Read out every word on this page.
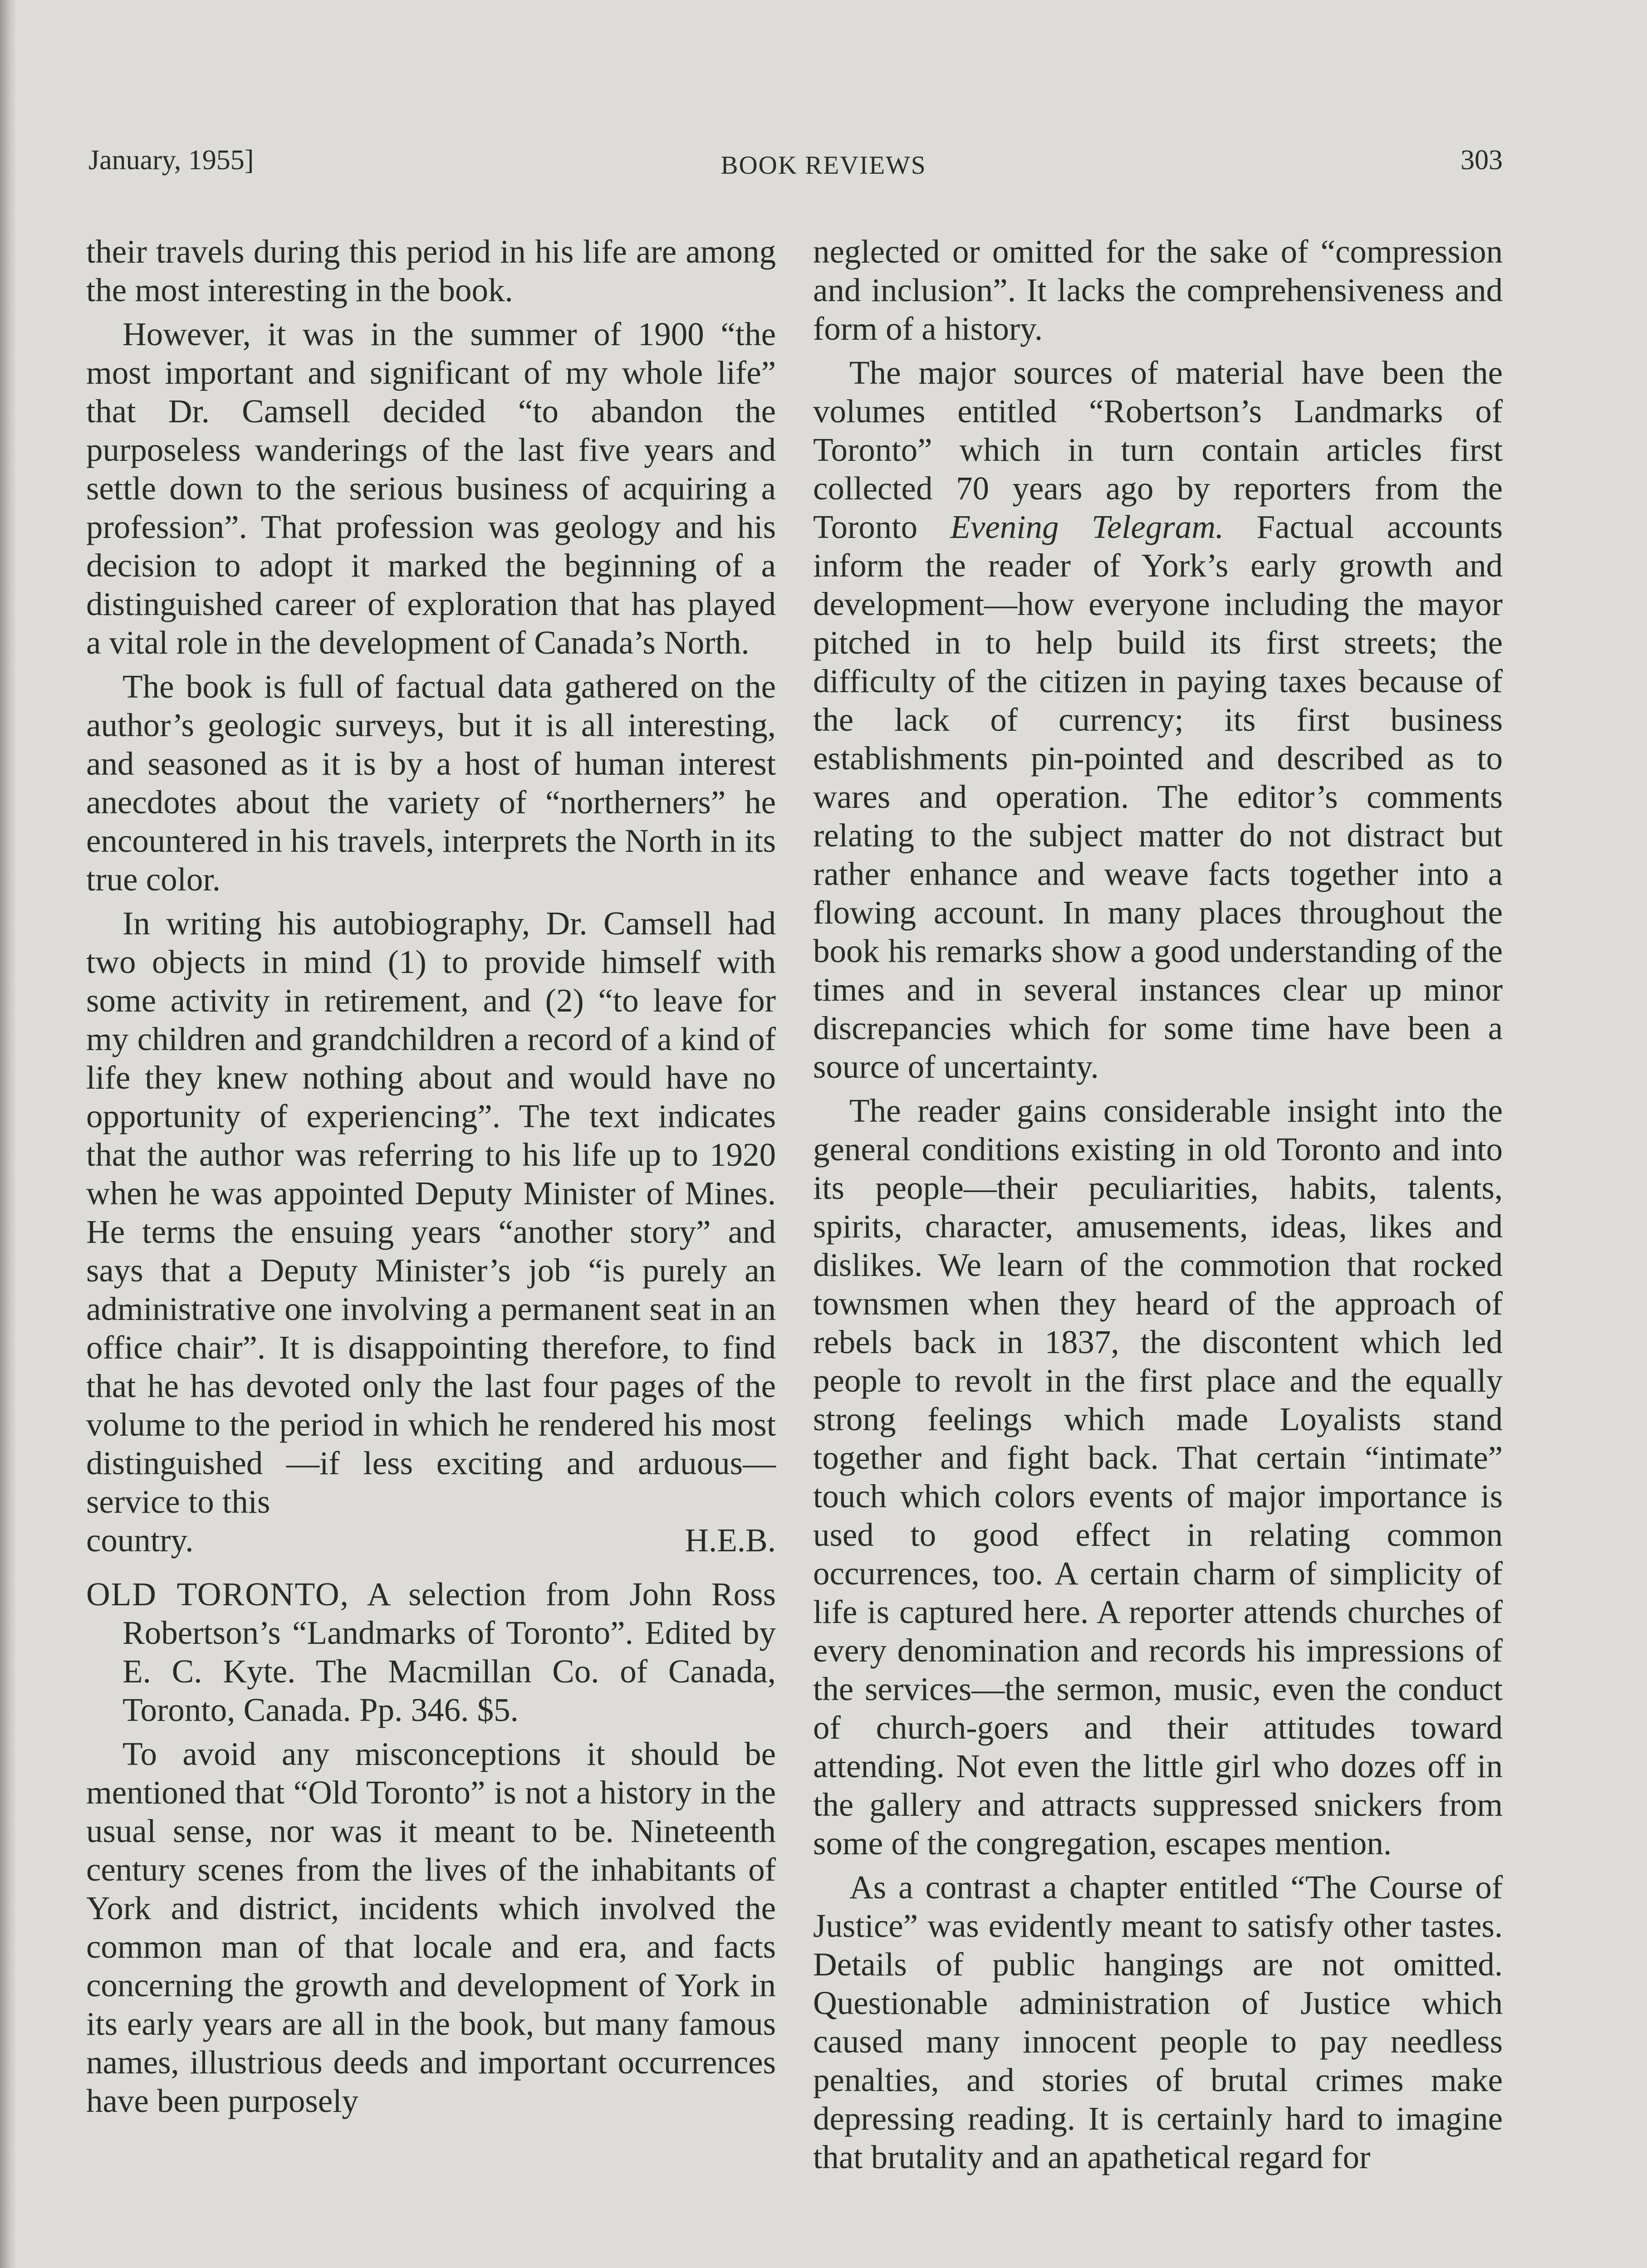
January, 1955]	BOOK REVIEWS	303

their travels during this period in his life are among the most interesting in the book.

However, it was in the summer of 1900 “the most important and significant of my whole life” that Dr. Camsell decided “to abandon the purposeless wanderings of the last five years and settle down to the serious business of acquiring a profession”. That profession was geology and his decision to adopt it marked the beginning of a distinguished career of exploration that has played a vital role in the development of Canada’s North.

The book is full of factual data gathered on the author’s geologic surveys, but it is all interesting, and seasoned as it is by a host of human interest anecdotes about the variety of “northerners” he encountered in his travels, interprets the North in its true color.

In writing his autobiography, Dr. Camsell had two objects in mind (1) to provide himself with some activity in retirement, and (2) “to leave for my children and grandchildren a record of a kind of life they knew nothing about and would have no opportunity of experiencing”. The text indicates that the author was referring to his life up to 1920 when he was appointed Deputy Minister of Mines. He terms the ensuing years “another story” and says that a Deputy Minister’s job “is purely an administrative one involving a permanent seat in an office chair”. It is disappointing therefore, to find that he has devoted only the last four pages of the volume to the period in which he rendered his most distinguished —if less exciting and arduous—service to this

country.	H.E.B.

OLD TORONTO, A selection from John Ross Robertson’s “Landmarks of Toronto”. Edited by E. C. Kyte. The Macmillan Co. of Canada, Toronto, Canada. Pp. 346. $5.

To avoid any misconceptions it should be mentioned that “Old Toronto” is not a history in the usual sense, nor was it meant to be. Nineteenth century scenes from the lives of the inhabitants of York and district, incidents which involved the common man of that locale and era, and facts concerning the growth and development of York in its early years are all in the book, but many famous names, illustrious deeds and important occurrences have been purposely

neglected or omitted for the sake of “compression and inclusion”. It lacks the comprehensiveness and form of a history.

The major sources of material have been the volumes entitled “Robertson’s Landmarks of Toronto” which in turn contain articles first collected 70 years ago by reporters from the Toronto Evening Telegram. Factual accounts inform the reader of York’s early growth and development—how everyone including the mayor pitched in to help build its first streets; the difficulty of the citizen in paying taxes because of the lack of currency; its first business establishments pin-pointed and described as to wares and operation. The editor’s comments relating to the subject matter do not distract but rather enhance and weave facts together into a flowing account. In many places throughout the book his remarks show a good understanding of the times and in several instances clear up minor discrepancies which for some time have been a source of uncertainty.

The reader gains considerable insight into the general conditions existing in old Toronto and into its people—their peculiarities, habits, talents, spirits, character, amusements, ideas, likes and dislikes. We learn of the commotion that rocked townsmen when they heard of the approach of rebels back in 1837, the discontent which led people to revolt in the first place and the equally strong feelings which made Loyalists stand together and fight back. That certain “intimate” touch which colors events of major importance is used to good effect in relating common occurrences, too. A certain charm of simplicity of life is captured here. A reporter attends churches of every denomination and records his impressions of the services—the sermon, music, even the conduct of church-goers and their attitudes toward attending. Not even the little girl who dozes off in the gallery and attracts suppressed snickers from some of the congregation, escapes mention.

As a contrast a chapter entitled “The Course of Justice” was evidently meant to satisfy other tastes. Details of public hangings are not omitted. Questionable administration of Justice which caused many innocent people to pay needless penalties, and stories of brutal crimes make depressing reading. It is certainly hard to imagine that brutality and an apathetical regard for
